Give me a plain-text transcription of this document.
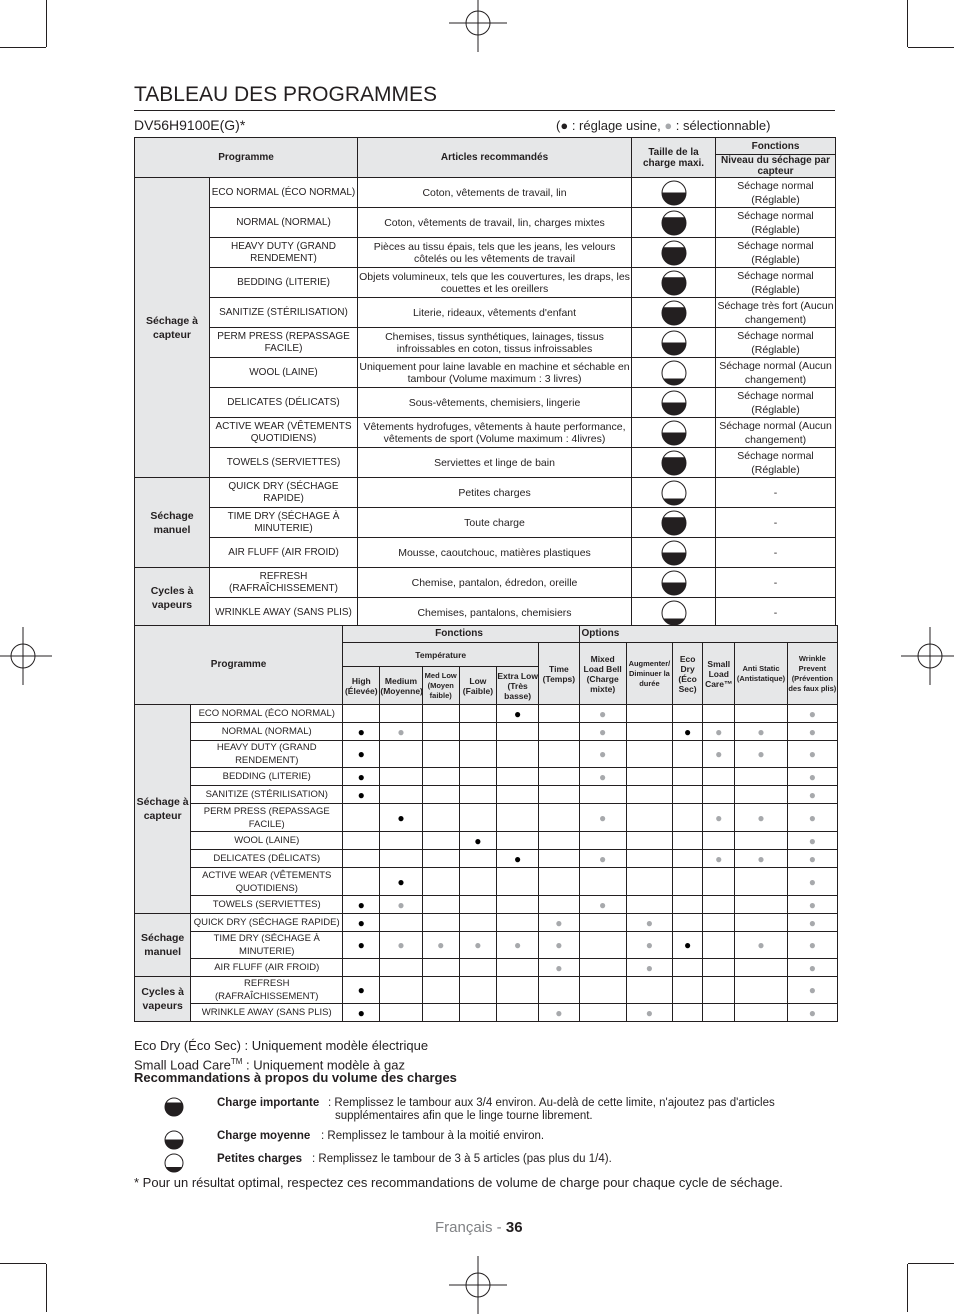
TABLEAU DES PROGRAMMES
DV56H9100E(G)*	(● : réglage usine, ● : sélectionnable)
Programme		Articles recommandés	Taille de la charge maxi.	Fonctions
				Niveau du séchage par capteur
Séchage à capteur	ECO NORMAL (ÉCO NORMAL)	Coton, vêtements de travail, lin		Séchage normal (Réglable)
	NORMAL (NORMAL)	Coton, vêtements de travail, lin, charges mixtes		Séchage normal (Réglable)
	HEAVY DUTY (GRAND RENDEMENT)	Pièces au tissu épais, tels que les jeans, les velours côtelés ou les vêtements de travail		Séchage normal (Réglable)
	BEDDING (LITERIE)	Objets volumineux, tels que les couvertures, les draps, les couettes et les oreillers		Séchage normal (Réglable)
	SANITIZE (STÉRILISATION)	Literie, rideaux, vêtements d'enfant		Séchage très fort (Aucun changement)
	PERM PRESS (REPASSAGE FACILE)	Chemises, tissus synthétiques, lainages, tissus infroissables en coton, tissus infroissables		Séchage normal (Réglable)
	WOOL (LAINE)	Uniquement pour laine lavable en machine et séchable en tambour (Volume maximum : 3 livres)		Séchage normal (Aucun changement)
	DELICATES (DÉLICATS)	Sous-vêtements, chemisiers, lingerie		Séchage normal (Réglable)
	ACTIVE WEAR (VÊTEMENTS QUOTIDIENS)	Vêtements hydrofuges, vêtements à haute performance, vêtements de sport (Volume maximum : 4livres)		Séchage normal (Aucun changement)
	TOWELS (SERVIETTES)	Serviettes et linge de bain		Séchage normal (Réglable)
Séchage manuel	QUICK DRY (SÉCHAGE RAPIDE)	Petites charges		-
	TIME DRY (SÉCHAGE À MINUTERIE)	Toute charge		-
	AIR FLUFF (AIR FROID)	Mousse, caoutchouc, matières plastiques		-
Cycles à vapeurs	REFRESH (RAFRAÎCHISSEMENT)	Chemise, pantalon, édredon, oreille		-
	WRINKLE AWAY (SANS PLIS)	Chemises, pantalons, chemisiers		-
Programme		Fonctions						Options					
		Température					Time (Temps)	Mixed Load Bell (Charge mixte)	Augmenter/ Diminuer la durée	Eco Dry (Éco Sec)	Small Load Care™	Anti Static (Antistatique)	Wrinkle Prevent (Prévention des faux plis)
		High (Élevée)	Medium (Moyenne)	Med Low (Moyen faible)	Low (Faible)	Extra Low (Très basse)							
Séchage à capteur	ECO NORMAL (ÉCO NORMAL)					●		●					●
	NORMAL (NORMAL)	●	●					●		●	●	●	●
	HEAVY DUTY (GRAND RENDEMENT)	●						●			●	●	●
	BEDDING (LITERIE)	●						●					●
	SANITIZE (STÉRILISATION)	●											●
	PERM PRESS (REPASSAGE FACILE)		●					●			●	●	●
	WOOL (LAINE)				●								●
	DELICATES (DÉLICATS)					●		●			●	●	●
	ACTIVE WEAR (VÊTEMENTS QUOTIDIENS)		●										●
	TOWELS (SERVIETTES)	●	●					●					●
Séchage manuel	QUICK DRY (SÉCHAGE RAPIDE)	●					●		●				●
	TIME DRY (SÉCHAGE À MINUTERIE)	●	●	●	●	●	●		●	●		●	●
	AIR FLUFF (AIR FROID)						●		●				●
Cycles à vapeurs	REFRESH (RAFRAÎCHISSEMENT)	●											●
	WRINKLE AWAY (SANS PLIS)	●					●		●				●
Eco Dry (Éco Sec) : Uniquement modèle électrique
Small Load Care™ : Uniquement modèle à gaz
Recommandations à propos du volume des charges
Charge importante : Remplissez le tambour aux 3/4 environ. Au-delà de cette limite, n'ajoutez pas d'articles
supplémentaires afin que le linge tourne librement.
Charge moyenne : Remplissez le tambour à la moitié environ.
Petites charges : Remplissez le tambour de 3 à 5 articles (pas plus du 1/4).
* Pour un résultat optimal, respectez ces recommandations de volume de charge pour chaque cycle de séchage.
Français - 36
